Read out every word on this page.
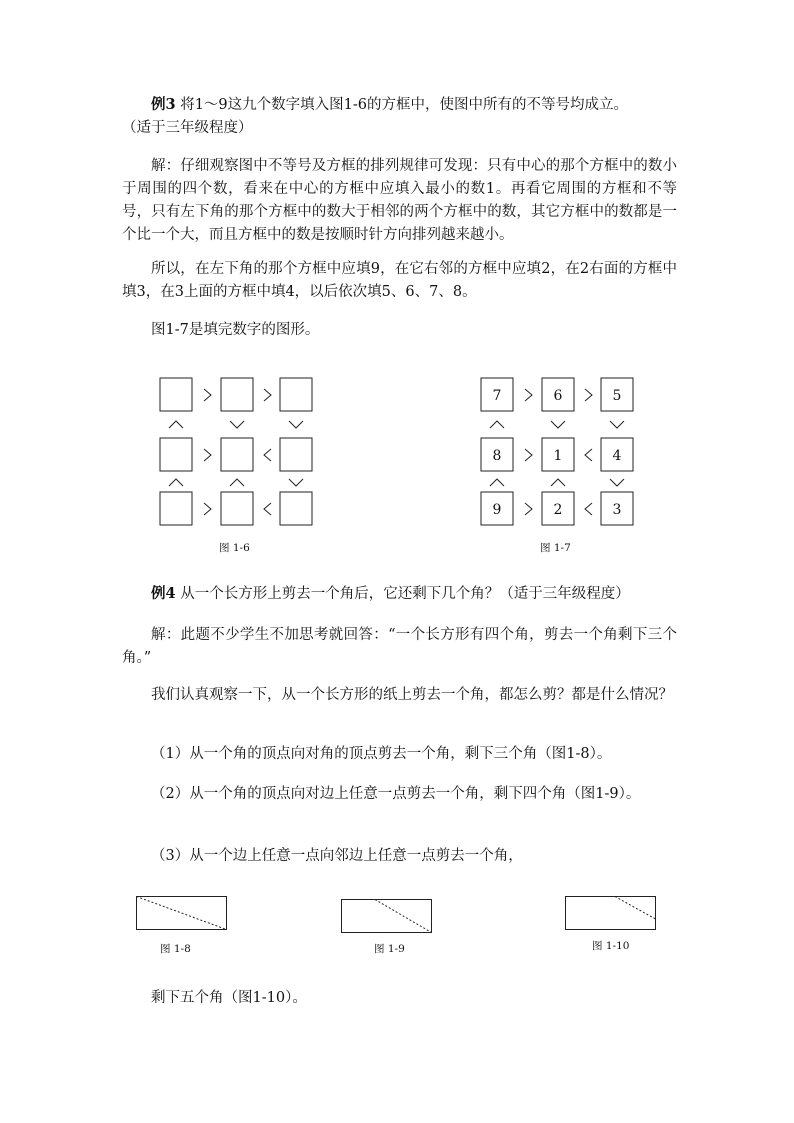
例3 将1～9这九个数字填入图1-6的方框中，使图中所有的不等号均成立。
（适于三年级程度）
解：仔细观察图中不等号及方框的排列规律可发现：只有中心的那个方框中的数小于周围的四个数，看来在中心的方框中应填入最小的数1。再看它周围的方框和不等号，只有左下角的那个方框中的数大于相邻的两个方框中的数，其它方框中的数都是一个比一个大，而且方框中的数是按顺时针方向排列越来越小。
所以，在左下角的那个方框中应填9，在它右邻的方框中应填2，在2右面的方框中填3，在3上面的方框中填4，以后依次填5、6、7、8。
图1-7是填完数字的图形。
图 1-6
7	6	5
8	1	4
9	2	3
图 1-7
例4 从一个长方形上剪去一个角后，它还剩下几个角？（适于三年级程度）
解：此题不少学生不加思考就回答：“一个长方形有四个角，剪去一个角剩下三个角。”
我们认真观察一下，从一个长方形的纸上剪去一个角，都怎么剪？都是什么情况？
（1）从一个角的顶点向对角的顶点剪去一个角，剩下三个角（图1-8）。
（2）从一个角的顶点向对边上任意一点剪去一个角，剩下四个角（图1-9）。
（3）从一个边上任意一点向邻边上任意一点剪去一个角，
图 1-8	图 1-9	图 1-10
剩下五个角（图1-10）。
